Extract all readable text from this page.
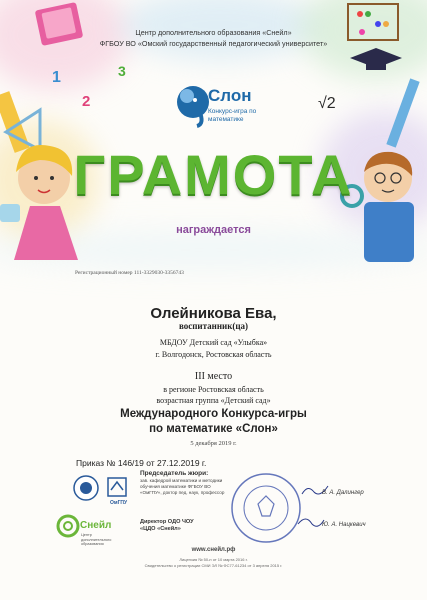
1
2
3
√2
Центр дополнительного образования «Снейл»
ФГБОУ ВО «Омский государственный педагогический университет»
Слон
Конкурс-игра по математике
ГРАМОТА
награждается
Регистрационный номер 111-3329030-3356743
Олейникова Ева,
воспитанник(ца)
МБДОУ Детский сад «Улыбка»
г. Волгодонск, Ростовская область
III место
в регионе Ростовская область
возрастная группа «Детский сад»
Международного Конкурса-игры
по математике «Слон»
5 декабря 2019 г.
Приказ № 146/19 от 27.12.2019 г.
ОмГПУ
Снейл
Центр дополнительного образования
Председатель жюри:
зав. кафедрой математики и методики обучения математике ФГБОУ ВО «ОмГПУ», доктор пед. наук, профессор	В. А. Далингер
Директор ОДО ЧОУ
«ЦДО «Снейл»
Ю. А. Нацкевич
www.снейл.рф
Лицензия № 50-п от 10 марта 2016 г.
Свидетельство о регистрации СМИ ЭЛ № ФС77-61234 от 3 апреля 2015 г.
